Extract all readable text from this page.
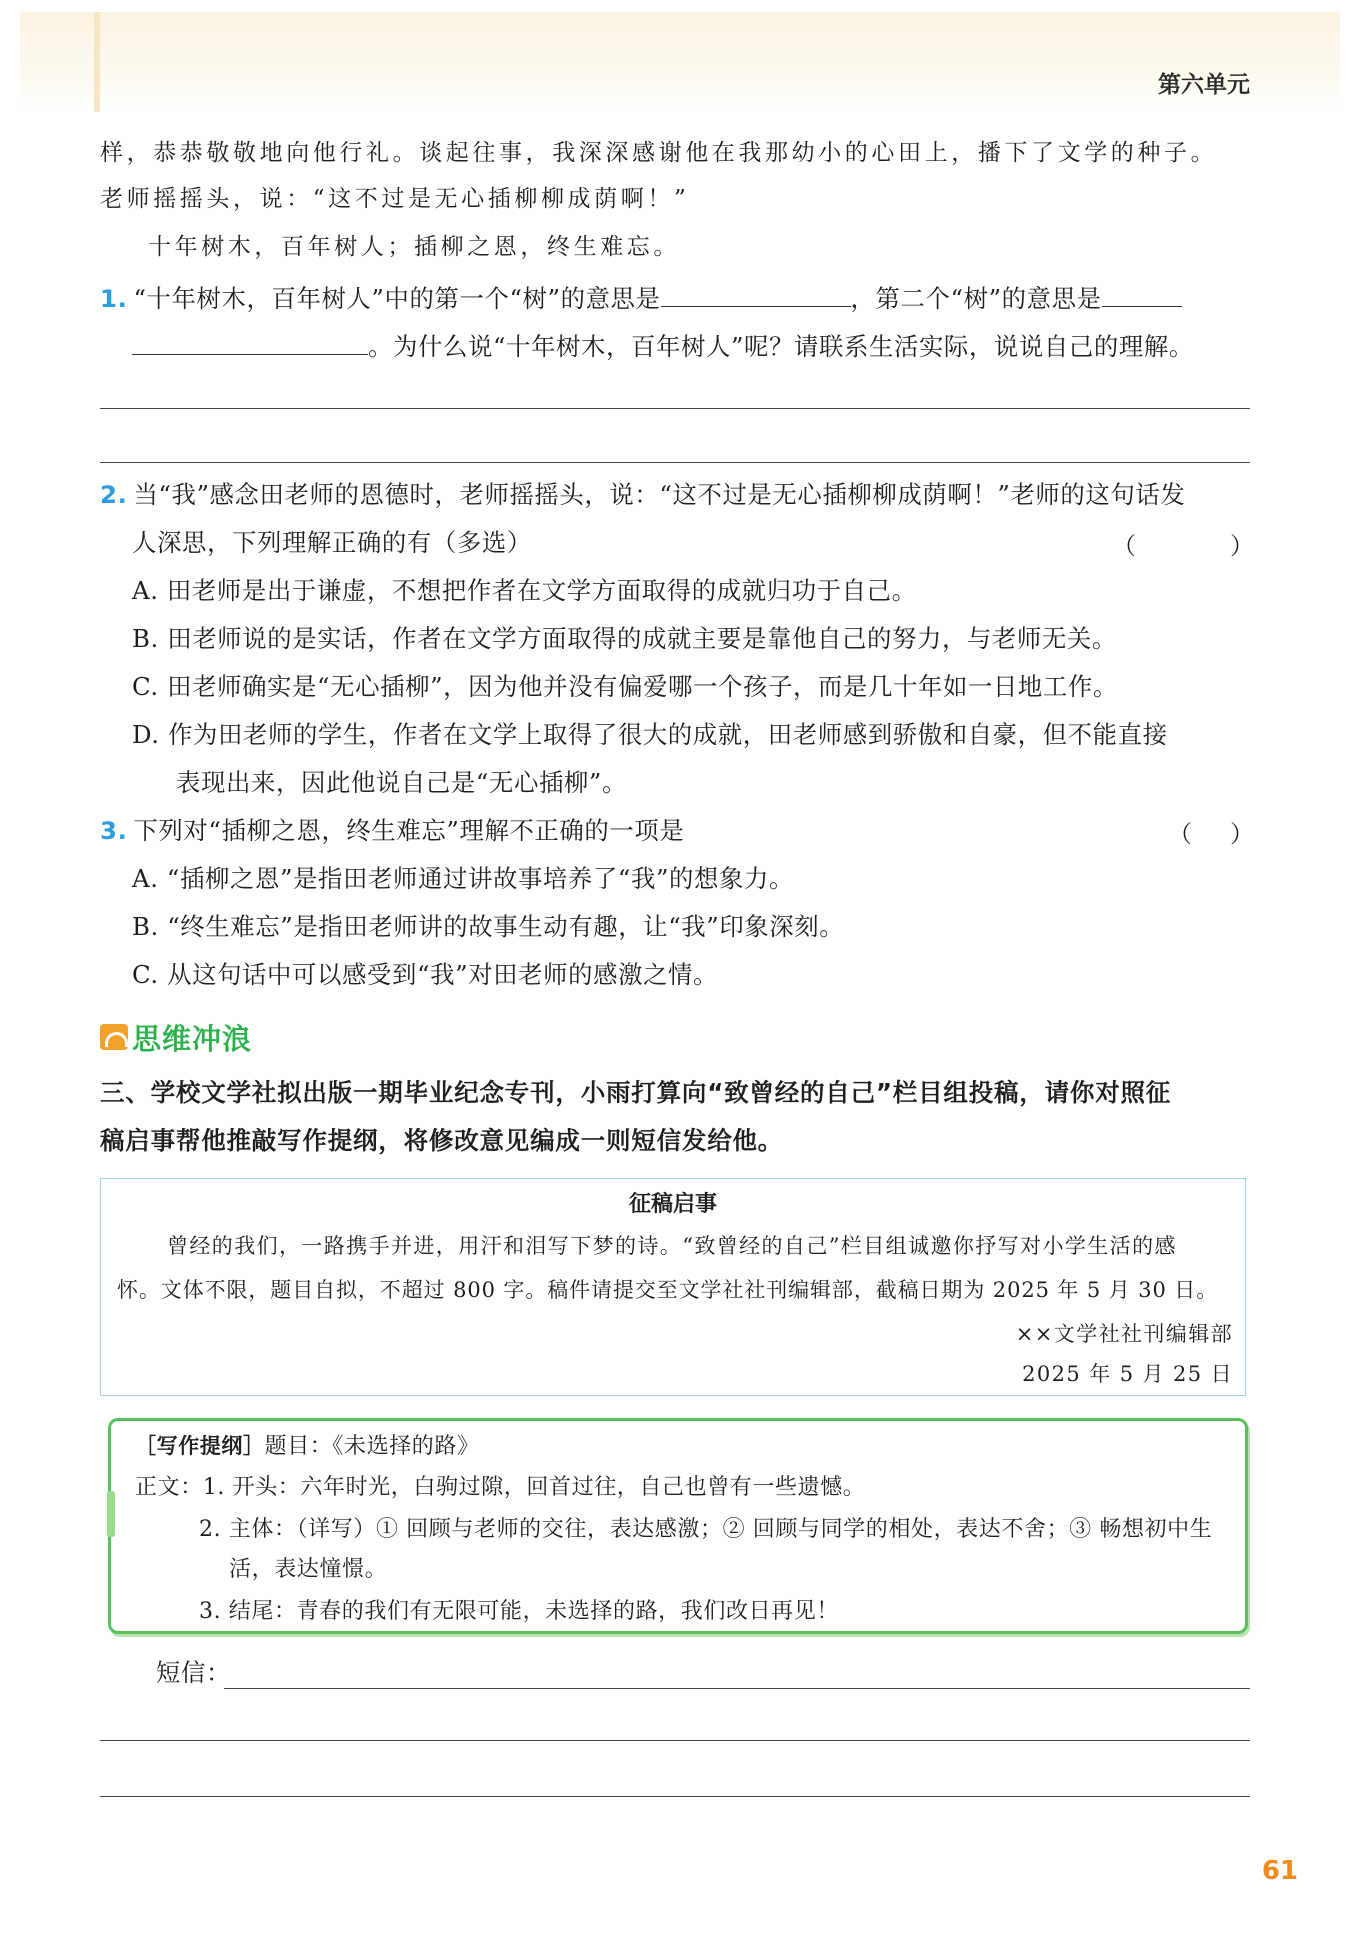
第六单元
样，恭恭敬敬地向他行礼。谈起往事，我深深感谢他在我那幼小的心田上，播下了文学的种子。
老师摇摇头，说：“这不过是无心插柳柳成荫啊！”
十年树木，百年树人；插柳之恩，终生难忘。
1. “十年树木，百年树人”中的第一个“树”的意思是	，第二个“树”的意思是
。为什么说“十年树木，百年树人”呢？请联系生活实际，说说自己的理解。
2. 当“我”感念田老师的恩德时，老师摇摇头，说：“这不过是无心插柳柳成荫啊！”老师的这句话发
人深思，下列理解正确的有（多选）	（	）
A. 田老师是出于谦虚，不想把作者在文学方面取得的成就归功于自己。
B. 田老师说的是实话，作者在文学方面取得的成就主要是靠他自己的努力，与老师无关。
C. 田老师确实是“无心插柳”，因为他并没有偏爱哪一个孩子，而是几十年如一日地工作。
D. 作为田老师的学生，作者在文学上取得了很大的成就，田老师感到骄傲和自豪，但不能直接
表现出来，因此他说自己是“无心插柳”。
3. 下列对“插柳之恩，终生难忘”理解不正确的一项是	（ ）
A. “插柳之恩”是指田老师通过讲故事培养了“我”的想象力。
B. “终生难忘”是指田老师讲的故事生动有趣，让“我”印象深刻。
C. 从这句话中可以感受到“我”对田老师的感激之情。
思维冲浪
三、学校文学社拟出版一期毕业纪念专刊，小雨打算向“致曾经的自己”栏目组投稿，请你对照征
稿启事帮他推敲写作提纲，将修改意见编成一则短信发给他。
征稿启事
曾经的我们，一路携手并进，用汗和泪写下梦的诗。“致曾经的自己”栏目组诚邀你抒写对小学生活的感
怀。文体不限，题目自拟，不超过 800 字。稿件请提交至文学社社刊编辑部，截稿日期为 2025 年 5 月 30 日。
××文学社社刊编辑部
2025 年 5 月 25 日
［写作提纲］题目：《未选择的路》
正文：1. 开头：六年时光，白驹过隙，回首过往，自己也曾有一些遗憾。
2. 主体：（详写）① 回顾与老师的交往，表达感激；② 回顾与同学的相处，表达不舍；③ 畅想初中生
活，表达憧憬。
3. 结尾：青春的我们有无限可能，未选择的路，我们改日再见！
短信：
61
